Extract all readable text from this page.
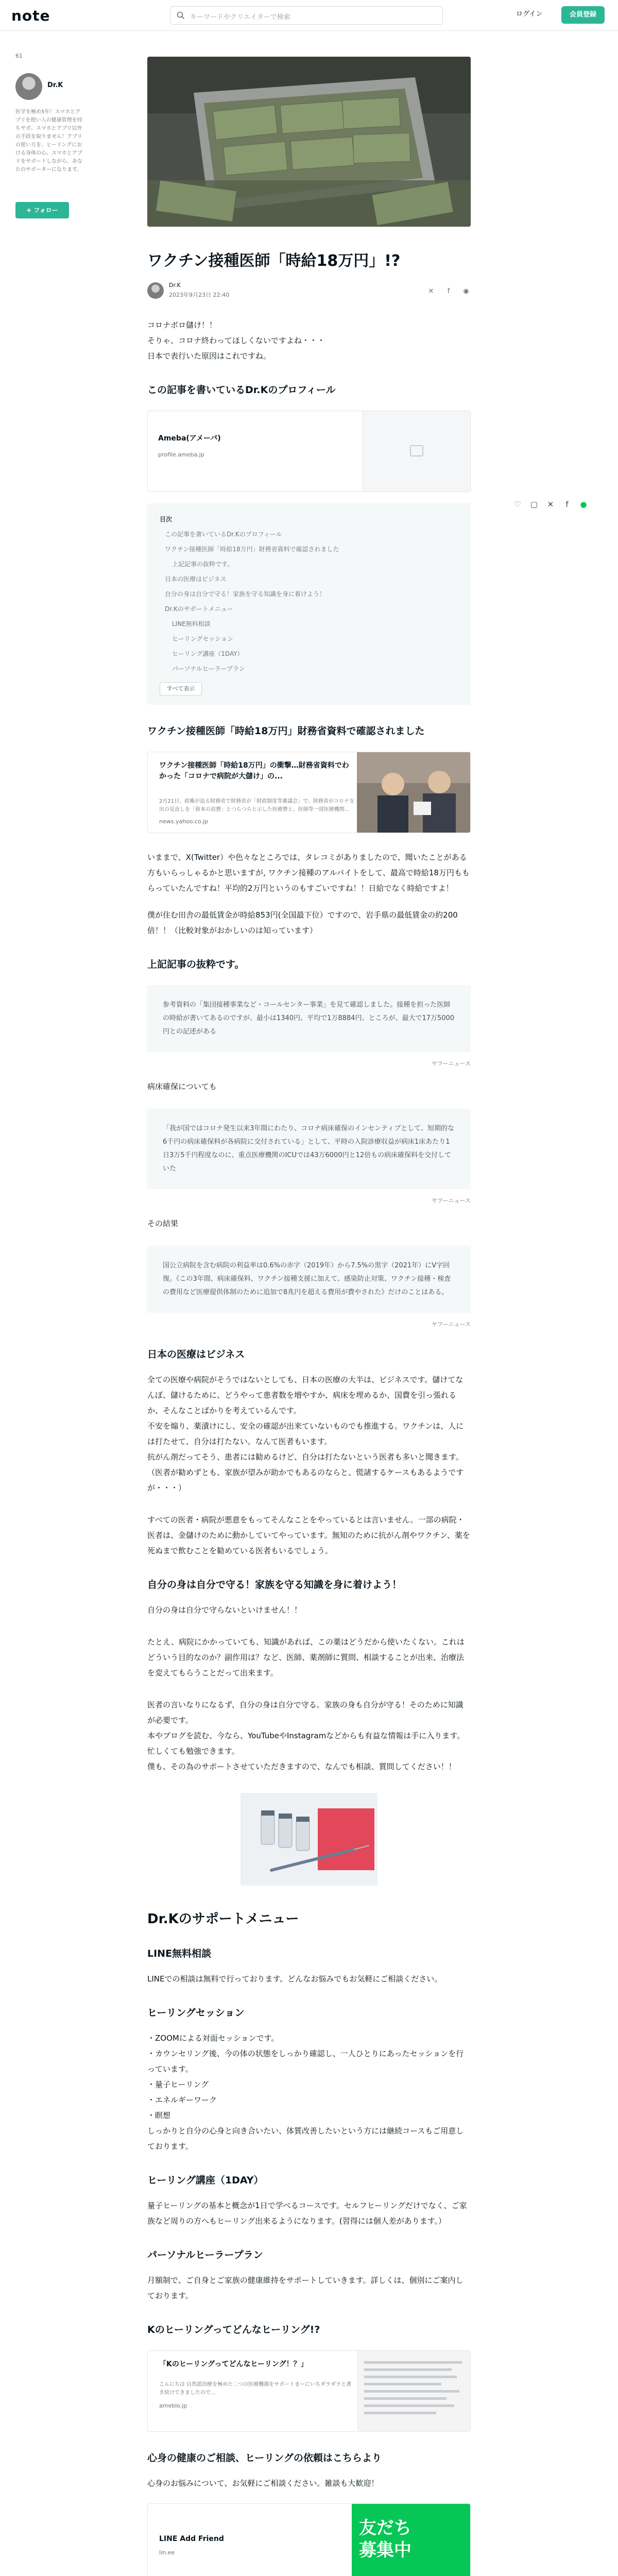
note	キーワードやクリエイターで検索	ログイン	会員登録
61
Dr.K
医学を極め5年！スマホとアプリを使い人の健康管理を持ちサポ、スマホとアプリ以外の手段を取りません！アプリの使い方を、ヒーリングにおける身体の心、スマホとアプリをサポートしながら、あなたのサポーターになります。
+ フォロー
ワクチン接種医師「時給18万円」!?
Dr.K
2023年9月23日 22:40	✕ f ◉
コロナボロ儲け！！
そりゃ、コロナ終わってほしくないですよね・・・
日本で表行いた原因はこれですね。
この記事を書いているDr.Kのプロフィール
Ameba(アメーバ)
profile.ameba.jp
目次
この記事を書いているDr.Kのプロフィール
ワクチン接種医師「時給18万円」財務省資料で確認されました
上記記事の抜粋です。
日本の医療はビジネス
自分の身は自分で守る！家族を守る知識を身に着けよう！
Dr.Kのサポートメニュー
LINE無料相談
ヒーリングセッション
ヒーリング講座（1DAY）
パーソナルヒーラープラン
すべて表示
ワクチン接種医師「時給18万円」財務省資料で確認されました
ワクチン接種医師「時給18万円」の衝撃…財務省資料でわかった「コロナで病院が大儲け」の...
2月21日、政権が迫る財務省で財務省が「財政制度等審議会」で、財務省がコロナ支出の見直しを「資本の浪費」とつらつらと示した医療費と、医師等一部医療機関...
news.yahoo.co.jp
いままで、X(Twitter）や色々なところでは、タレコミがありましたので、聞いたことがある方もいらっしゃるかと思いますが, ワクチン接種のアルバイトをして、最高で時給18万円ももらっていたんですね！平均的2万円というのもすごいですね！！日給でなく時給ですよ！
僕が住む田舎の最低賃金が時給853円(全国最下位）ですので、岩手県の最低賃金の約200倍！！（比較対象がおかしいのは知っています）
上記記事の抜粋です。
参考資料の「集団接種事業など・コールセンター事業」を見て確認しました。接種を担った医師の時給が書いてあるのですが、最小は1340円、平均で1万8884円、ところが、最大で17万5000円との記述がある
ヤフーニュース
病床確保についても
「我が国ではコロナ発生以来3年間にわたり、コロナ病床確保のインセンティブとして、短期的な6千円の病床確保料が各病院に交付されている」として、平時の入院診療収益が病床1床あたり1日3万5千円程度なのに、重点医療機関のICUでは43万6000円と12倍もの病床確保料を交付していた
ヤフーニュース
その結果
国公立病院を含む病院の利益率は0.6%の赤字（2019年）から7.5%の黒字（2021年）にV字回復。《この3年間、病床確保料、ワクチン接種支援に加えて、感染防止対策、ワクチン接種・検査の費用など医療提供体制のために追加で8兆円を超える費用が費やされた》だけのことはある。
ヤフーニュース
日本の医療はビジネス
全ての医療や病院がそうではないとしても、日本の医療の大半は、ビジネスです。儲けてなんぼ、儲けるために、どうやって患者数を増やすか、病床を埋めるか、国費を引っ張れるか、そんなことばかりを考えているんです。
不安を煽り、薬漬けにし、安全の確認が出来ていないものでも推進する。ワクチンは、人には打たせて、自分は打たない。なんて医者もいます。
抗がん剤だってそう、患者には勧めるけど、自分は打たないという医者も多いと聞きます。（医者が勧めずとも、家族が望みが助かでもあるのならと、慌諸するケースもあるようですが・・・）
すべての医者・病院が悪意をもってそんなことをやっているとは言いません。一部の病院・医者は、金儲けのために動かしていてやっています。無知のために抗がん剤やワクチン、薬を死ぬまで飲むことを勧めている医者もいるでしょう。
自分の身は自分で守る！家族を守る知識を身に着けよう！
自分の身は自分で守らないといけません！！
たとえ、病院にかかっていても、知識があれば、この薬はどうだから使いたくない。これはどういう目的なのか？副作用は？など、医師、薬剤師に質問、相談することが出来、治療法を変えてもらうことだって出来ます。
医者の言いなりになるず、自分の身は自分で守る。家族の身も自分が守る！そのために知識が必要です。
本やブログを読む、今なら、YouTubeやInstagramなどからも有益な情報は手に入ります。
忙しくても勉強できます。
僕も、その為のサポートさせていただきますので、なんでも相談、質問してください！！
Dr.Kのサポートメニュー
LINE無料相談
LINEでの相談は無料で行っております。どんなお悩みでもお気軽にご相談ください。
ヒーリングセッション
・ZOOMによる対面セッションです。
・カウンセリング後、今の体の状態をしっかり確認し、一人ひとりにあったセッションを行っています。
・量子ヒーリング
・エネルギーワーク
・瞑想
しっかりと自分の心身と向き合いたい、体質改善したいという方には継続コースもご用意しております。
ヒーリング講座（1DAY）
量子ヒーリングの基本と概念が1日で学べるコースです。セルフヒーリングだけでなく、ご家族など周りの方へもヒーリング出来るようになります。(習得には個人差があります。）
パーソナルヒーラープラン
月額制で、ご自身とご家族の健康維持をサポートしていきます。詳しくは、個別にご案内しております。
Kのヒーリングってどんなヒーリング!?
「Kのヒーリングってどんなヒーリング！？」
こんにちは 自然派治療を極めた二つの医療機器をサポートまーにいちダラダラと書き続けてきましたので...
ameblo.jp
心身の健康のご相談、ヒーリングの依頼はこちらより
心身のお悩みについて、お気軽にご相談ください。雑談も大歓迎！
LINE Add Friend
lin.ee
友だち
募集中
♡ ▢ ✕ f ●
